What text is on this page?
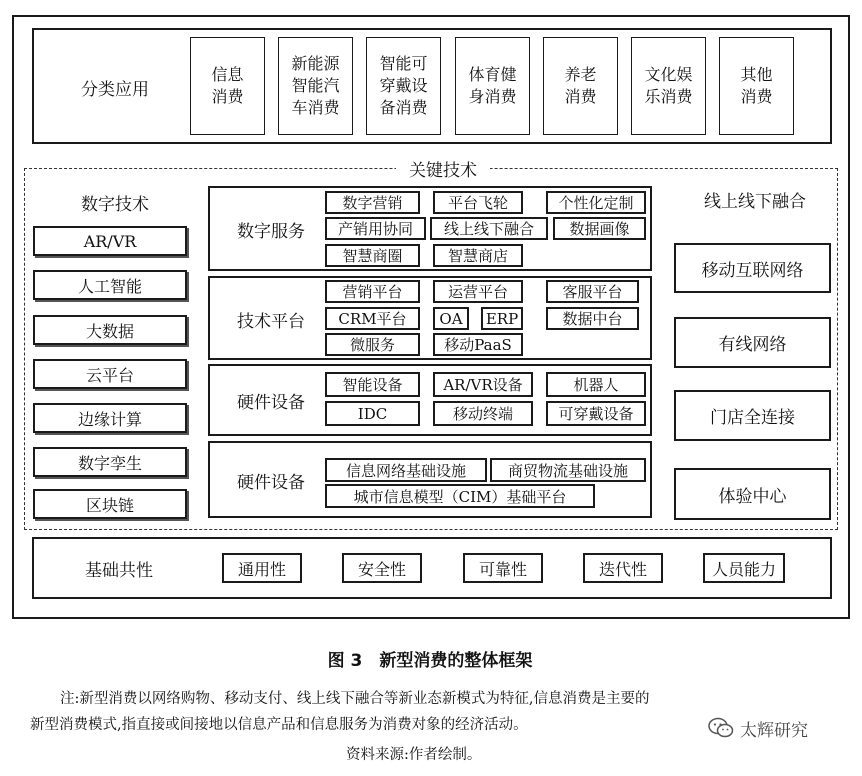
分类应用
信息
消费
新能源
智能汽
车消费
智能可
穿戴设
备消费
体育健
身消费
养老
消费
文化娱
乐消费
其他
消费
关键技术
数字技术
AR/VR
人工智能
大数据
云平台
边缘计算
数字孪生
区块链
数字服务
数字营销	平台飞轮	个性化定制
产销用协同	线上线下融合	数据画像
智慧商圈	智慧商店
技术平台
营销平台	运营平台	客服平台
CRM平台	OA	ERP	数据中台
微服务	移动PaaS
硬件设备
智能设备	AR/VR设备	机器人
IDC	移动终端	可穿戴设备
硬件设备
信息网络基础设施	商贸物流基础设施
城市信息模型（CIM）基础平台
线上线下融合
移动互联网络
有线网络
门店全连接
体验中心
基础共性	通用性	安全性	可靠性	迭代性	人员能力
图 3　新型消费的整体框架
注:新型消费以网络购物、移动支付、线上线下融合等新业态新模式为特征,信息消费是主要的
新型消费模式,指直接或间接地以信息产品和信息服务为消费对象的经济活动。
资料来源:作者绘制。
太辉研究
